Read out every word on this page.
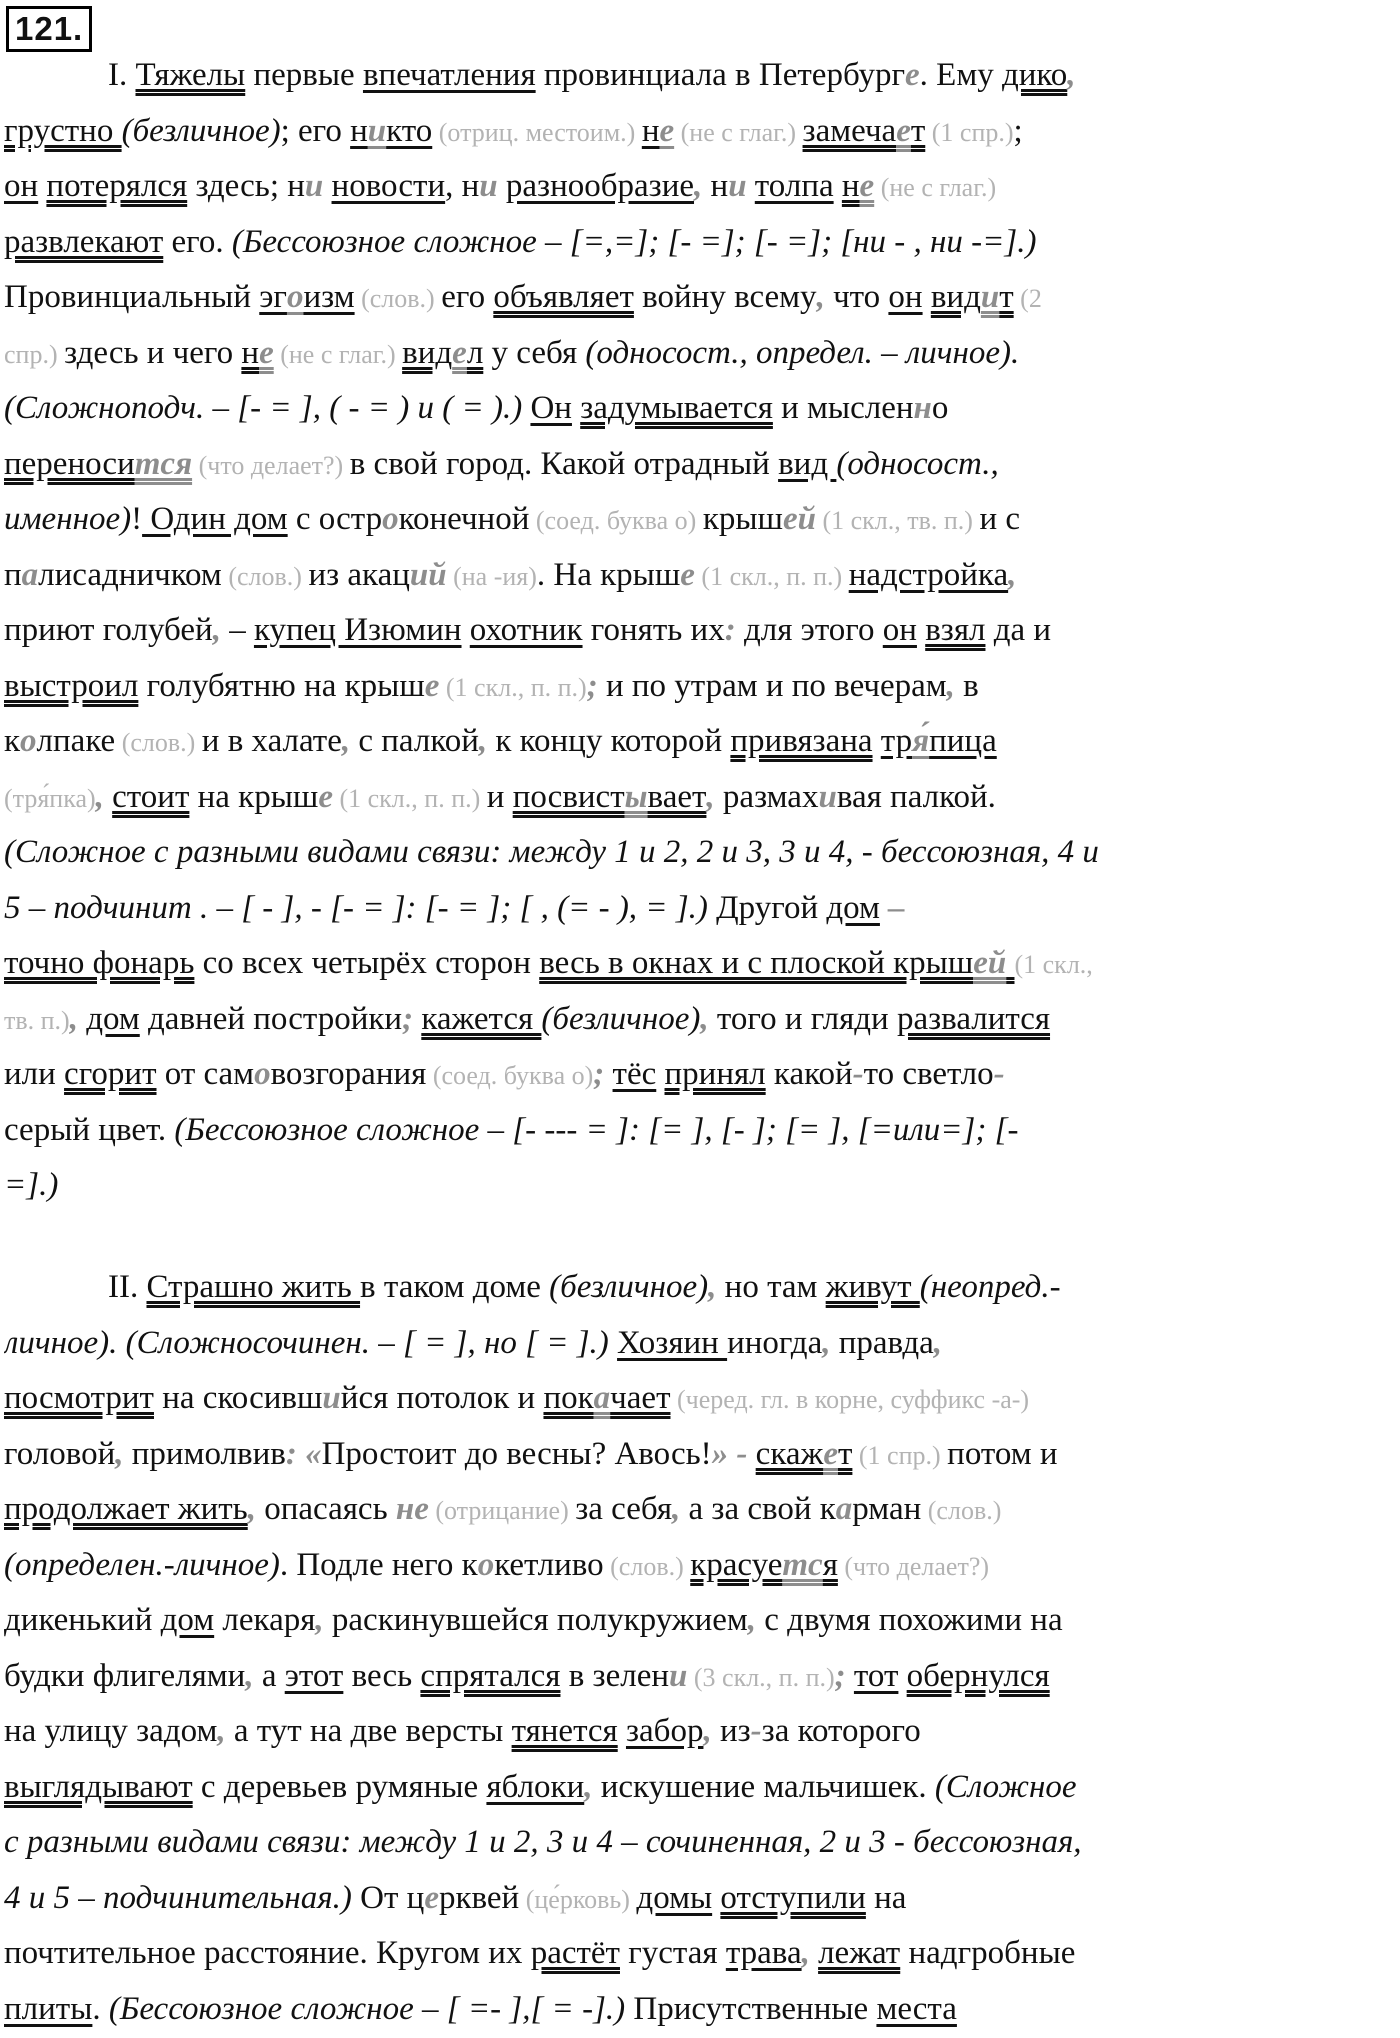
121.
I. Тяжелы первые впечатления провинциала в Петербурге. Ему дико,
грустно (безличное); его никто (отриц. местоим.) не (не с глаг.) замечает (1 спр.);
он потерялся здесь; ни новости, ни разнообразие, ни толпа не (не с глаг.)
развлекают его. (Бессоюзное сложное – [=,=]; [- =]; [- =]; [ни - , ни -=].)
Провинциальный эгоизм (слов.) его объявляет войну всему, что он видит (2
спр.) здесь и чего не (не с глаг.) видел у себя (односост., определ. – личное).
(Сложноподч. – [- = ], ( - = ) и ( = ).) Он задумывается и мысленно
переносится (что делает?) в свой город. Какой отрадный вид (односост.,
именное)! Один дом с остроконечной (соед. буква о) крышей (1 скл., тв. п.) и с
палисадничком (слов.) из акаций (на -ия). На крыше (1 скл., п. п.) надстройка,
приют голубей, – купец Изюмин охотник гонять их: для этого он взял да и
выстроил голубятню на крыше (1 скл., п. п.); и по утрам и по вечерам, в
колпаке (слов.) и в халате, с палкой, к концу которой привязана тря́пица
(тря́пка), стоит на крыше (1 скл., п. п.) и посвистывает, размахивая палкой.
(Сложное с разными видами связи: между 1 и 2, 2 и 3, 3 и 4, - бессоюзная, 4 и
5 – подчинит . – [ - ], - [- = ]: [- = ]; [ , (= - ), = ].) Другой дом –
точно фонарь со всех четырёх сторон весь в окнах и с плоской крышей (1 скл.,
тв. п.), дом давней постройки; кажется (безличное), того и гляди развалится
или сгорит от самовозгорания (соед. буква о); тёс принял какой-то светло-
серый цвет. (Бессоюзное сложное – [- --- = ]: [= ], [- ]; [= ], [=или=]; [-
=].)
II. Страшно жить в таком доме (безличное), но там живут (неопред.-
личное). (Сложносочинен. – [ = ], но [ = ].) Хозяин иногда, правда,
посмотрит на скосившийся потолок и покачает (черед. гл. в корне, суффикс -а-)
головой, примолвив: «Простоит до весны? Авось!» - скажет (1 спр.) потом и
продолжает жить, опасаясь не (отрицание) за себя, а за свой карман (слов.)
(определен.-личное). Подле него кокетливо (слов.) красуется (что делает?)
дикенький дом лекаря, раскинувшейся полукружием, с двумя похожими на
будки флигелями, а этот весь спрятался в зелени (3 скл., п. п.); тот обернулся
на улицу задом, а тут на две версты тянется забор, из-за которого
выглядывают с деревьев румяные яблоки, искушение мальчишек. (Сложное
с разными видами связи: между 1 и 2, 3 и 4 – сочиненная, 2 и 3 - бессоюзная,
4 и 5 – подчинительная.) От церквей (це́рковь) домы отступили на
почтительное расстояние. Кругом их растёт густая трава, лежат надгробные
плиты. (Бессоюзное сложное – [ =- ],[ = -].) Присутственные места
